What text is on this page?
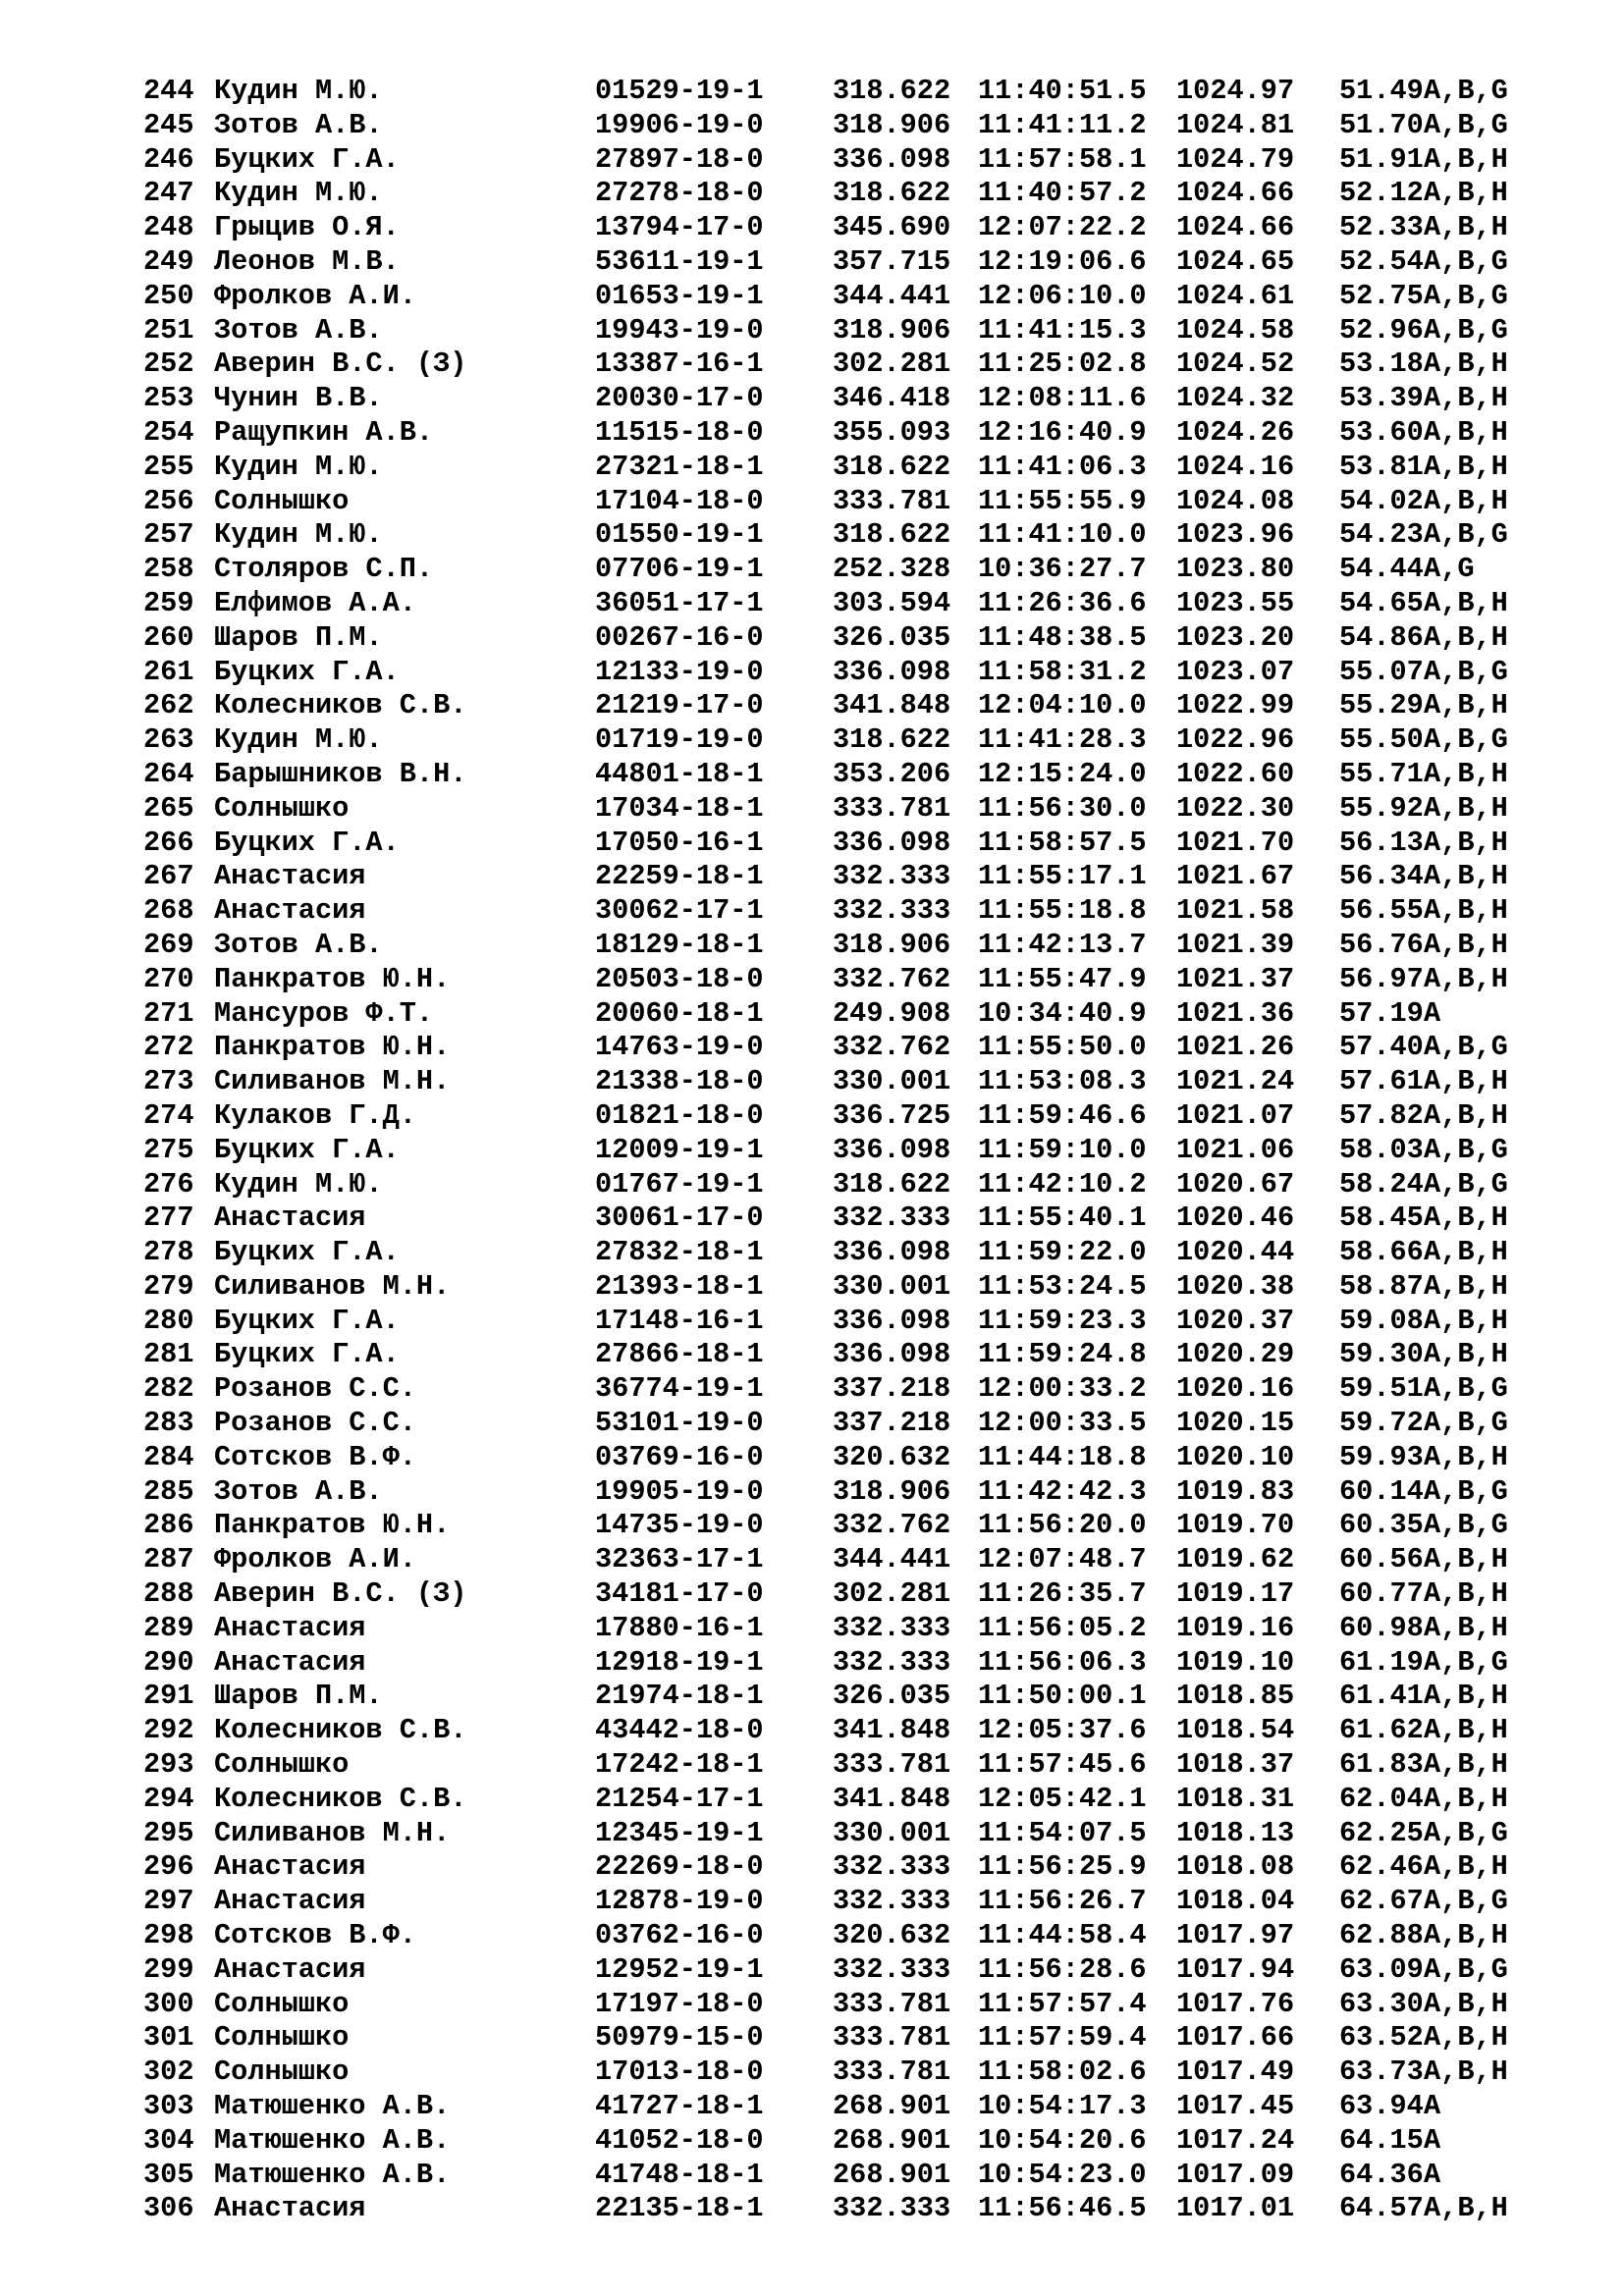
244 Кудин М.Ю.	01529-19-1 318.622 11:40:51.5 1024.97 51.49 A,B,G
245 Зотов А.В.	19906-19-0 318.906 11:41:11.2 1024.81 51.70 A,B,G
246 Буцких Г.А.	27897-18-0 336.098 11:57:58.1 1024.79 51.91 A,B,H
247 Кудин М.Ю.	27278-18-0 318.622 11:40:57.2 1024.66 52.12 A,B,H
248 Грыцив О.Я.	13794-17-0 345.690 12:07:22.2 1024.66 52.33 A,B,H
249 Леонов М.В.	53611-19-1 357.715 12:19:06.6 1024.65 52.54 A,B,G
250 Фролков А.И.	01653-19-1 344.441 12:06:10.0 1024.61 52.75 A,B,G
251 Зотов А.В.	19943-19-0 318.906 11:41:15.3 1024.58 52.96 A,B,G
252 Аверин В.С. (З)	13387-16-1 302.281 11:25:02.8 1024.52 53.18 A,B,H
253 Чунин В.В.	20030-17-0 346.418 12:08:11.6 1024.32 53.39 A,B,H
254 Ращупкин А.В.	11515-18-0 355.093 12:16:40.9 1024.26 53.60 A,B,H
255 Кудин М.Ю.	27321-18-1 318.622 11:41:06.3 1024.16 53.81 A,B,H
256 Солнышко	17104-18-0 333.781 11:55:55.9 1024.08 54.02 A,B,H
257 Кудин М.Ю.	01550-19-1 318.622 11:41:10.0 1023.96 54.23 A,B,G
258 Столяров С.П.	07706-19-1 252.328 10:36:27.7 1023.80 54.44 A,G
259 Елфимов А.А.	36051-17-1 303.594 11:26:36.6 1023.55 54.65 A,B,H
260 Шаров П.М.	00267-16-0 326.035 11:48:38.5 1023.20 54.86 A,B,H
261 Буцких Г.А.	12133-19-0 336.098 11:58:31.2 1023.07 55.07 A,B,G
262 Колесников С.В.	21219-17-0 341.848 12:04:10.0 1022.99 55.29 A,B,H
263 Кудин М.Ю.	01719-19-0 318.622 11:41:28.3 1022.96 55.50 A,B,G
264 Барышников В.Н.	44801-18-1 353.206 12:15:24.0 1022.60 55.71 A,B,H
265 Солнышко	17034-18-1 333.781 11:56:30.0 1022.30 55.92 A,B,H
266 Буцких Г.А.	17050-16-1 336.098 11:58:57.5 1021.70 56.13 A,B,H
267 Анастасия	22259-18-1 332.333 11:55:17.1 1021.67 56.34 A,B,H
268 Анастасия	30062-17-1 332.333 11:55:18.8 1021.58 56.55 A,B,H
269 Зотов А.В.	18129-18-1 318.906 11:42:13.7 1021.39 56.76 A,B,H
270 Панкратов Ю.Н.	20503-18-0 332.762 11:55:47.9 1021.37 56.97 A,B,H
271 Мансуров Ф.Т.	20060-18-1 249.908 10:34:40.9 1021.36 57.19 A
272 Панкратов Ю.Н.	14763-19-0 332.762 11:55:50.0 1021.26 57.40 A,B,G
273 Силиванов М.Н.	21338-18-0 330.001 11:53:08.3 1021.24 57.61 A,B,H
274 Кулаков Г.Д.	01821-18-0 336.725 11:59:46.6 1021.07 57.82 A,B,H
275 Буцких Г.А.	12009-19-1 336.098 11:59:10.0 1021.06 58.03 A,B,G
276 Кудин М.Ю.	01767-19-1 318.622 11:42:10.2 1020.67 58.24 A,B,G
277 Анастасия	30061-17-0 332.333 11:55:40.1 1020.46 58.45 A,B,H
278 Буцких Г.А.	27832-18-1 336.098 11:59:22.0 1020.44 58.66 A,B,H
279 Силиванов М.Н.	21393-18-1 330.001 11:53:24.5 1020.38 58.87 A,B,H
280 Буцких Г.А.	17148-16-1 336.098 11:59:23.3 1020.37 59.08 A,B,H
281 Буцких Г.А.	27866-18-1 336.098 11:59:24.8 1020.29 59.30 A,B,H
282 Розанов С.С.	36774-19-1 337.218 12:00:33.2 1020.16 59.51 A,B,G
283 Розанов С.С.	53101-19-0 337.218 12:00:33.5 1020.15 59.72 A,B,G
284 Сотсков В.Ф.	03769-16-0 320.632 11:44:18.8 1020.10 59.93 A,B,H
285 Зотов А.В.	19905-19-0 318.906 11:42:42.3 1019.83 60.14 A,B,G
286 Панкратов Ю.Н.	14735-19-0 332.762 11:56:20.0 1019.70 60.35 A,B,G
287 Фролков А.И.	32363-17-1 344.441 12:07:48.7 1019.62 60.56 A,B,H
288 Аверин В.С. (З)	34181-17-0 302.281 11:26:35.7 1019.17 60.77 A,B,H
289 Анастасия	17880-16-1 332.333 11:56:05.2 1019.16 60.98 A,B,H
290 Анастасия	12918-19-1 332.333 11:56:06.3 1019.10 61.19 A,B,G
291 Шаров П.М.	21974-18-1 326.035 11:50:00.1 1018.85 61.41 A,B,H
292 Колесников С.В.	43442-18-0 341.848 12:05:37.6 1018.54 61.62 A,B,H
293 Солнышко	17242-18-1 333.781 11:57:45.6 1018.37 61.83 A,B,H
294 Колесников С.В.	21254-17-1 341.848 12:05:42.1 1018.31 62.04 A,B,H
295 Силиванов М.Н.	12345-19-1 330.001 11:54:07.5 1018.13 62.25 A,B,G
296 Анастасия	22269-18-0 332.333 11:56:25.9 1018.08 62.46 A,B,H
297 Анастасия	12878-19-0 332.333 11:56:26.7 1018.04 62.67 A,B,G
298 Сотсков В.Ф.	03762-16-0 320.632 11:44:58.4 1017.97 62.88 A,B,H
299 Анастасия	12952-19-1 332.333 11:56:28.6 1017.94 63.09 A,B,G
300 Солнышко	17197-18-0 333.781 11:57:57.4 1017.76 63.30 A,B,H
301 Солнышко	50979-15-0 333.781 11:57:59.4 1017.66 63.52 A,B,H
302 Солнышко	17013-18-0 333.781 11:58:02.6 1017.49 63.73 A,B,H
303 Матюшенко А.В.	41727-18-1 268.901 10:54:17.3 1017.45 63.94 A
304 Матюшенко А.В.	41052-18-0 268.901 10:54:20.6 1017.24 64.15 A
305 Матюшенко А.В.	41748-18-1 268.901 10:54:23.0 1017.09 64.36 A
306 Анастасия	22135-18-1 332.333 11:56:46.5 1017.01 64.57 A,B,H
